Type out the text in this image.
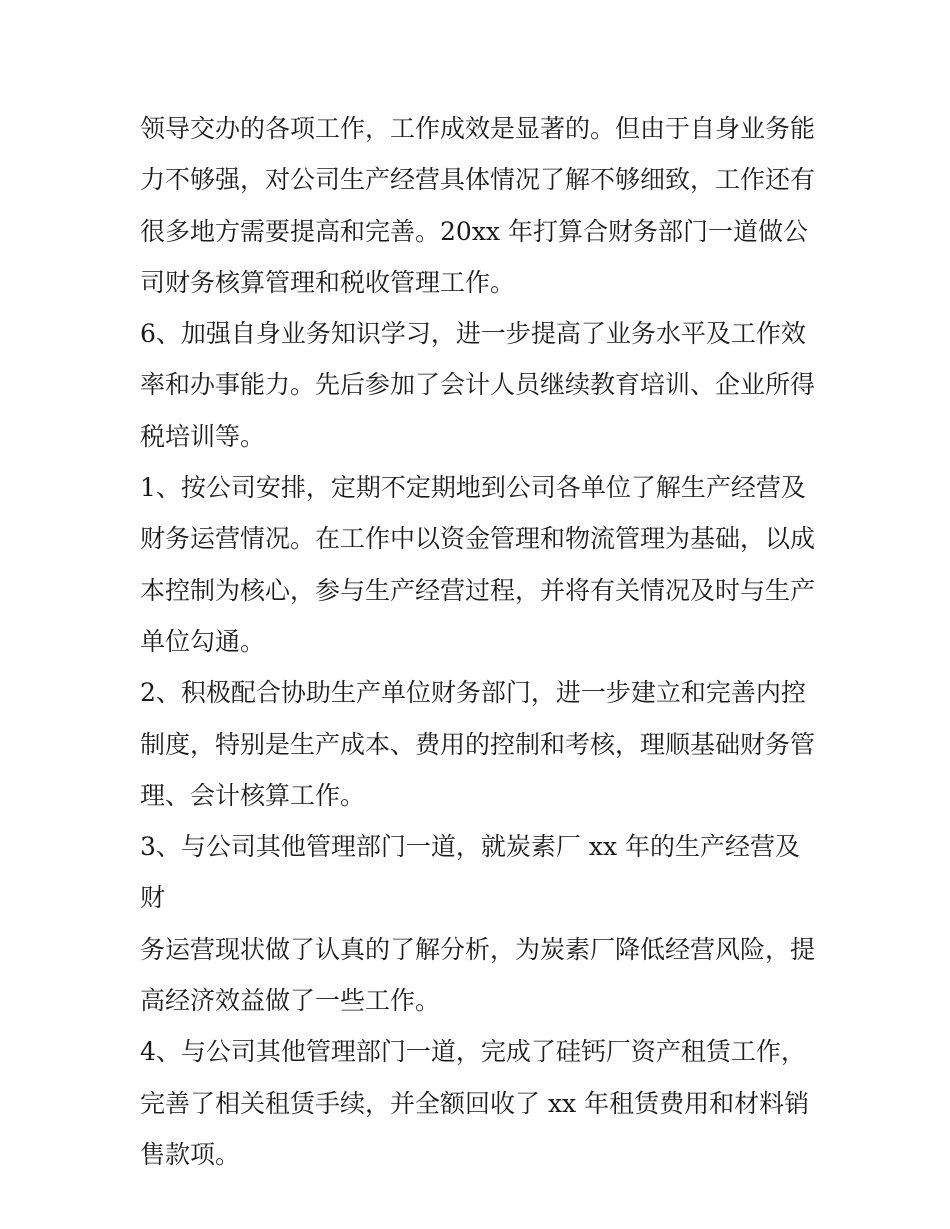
领导交办的各项工作，工作成效是显著的。但由于自身业务能
力不够强，对公司生产经营具体情况了解不够细致，工作还有
很多地方需要提高和完善。20xx 年打算合财务部门一道做公
司财务核算管理和税收管理工作。

6、加强自身业务知识学习，进一步提高了业务水平及工作效
率和办事能力。先后参加了会计人员继续教育培训、企业所得
税培训等。

1、按公司安排，定期不定期地到公司各单位了解生产经营及
财务运营情况。在工作中以资金管理和物流管理为基础，以成
本控制为核心，参与生产经营过程，并将有关情况及时与生产
单位勾通。

2、积极配合协助生产单位财务部门，进一步建立和完善内控
制度，特别是生产成本、费用的控制和考核，理顺基础财务管
理、会计核算工作。

3、与公司其他管理部门一道，就炭素厂 xx 年的生产经营及财
务运营现状做了认真的了解分析，为炭素厂降低经营风险，提
高经济效益做了一些工作。

4、与公司其他管理部门一道，完成了硅钙厂资产租赁工作，
完善了相关租赁手续，并全额回收了 xx 年租赁费用和材料销
售款项。
